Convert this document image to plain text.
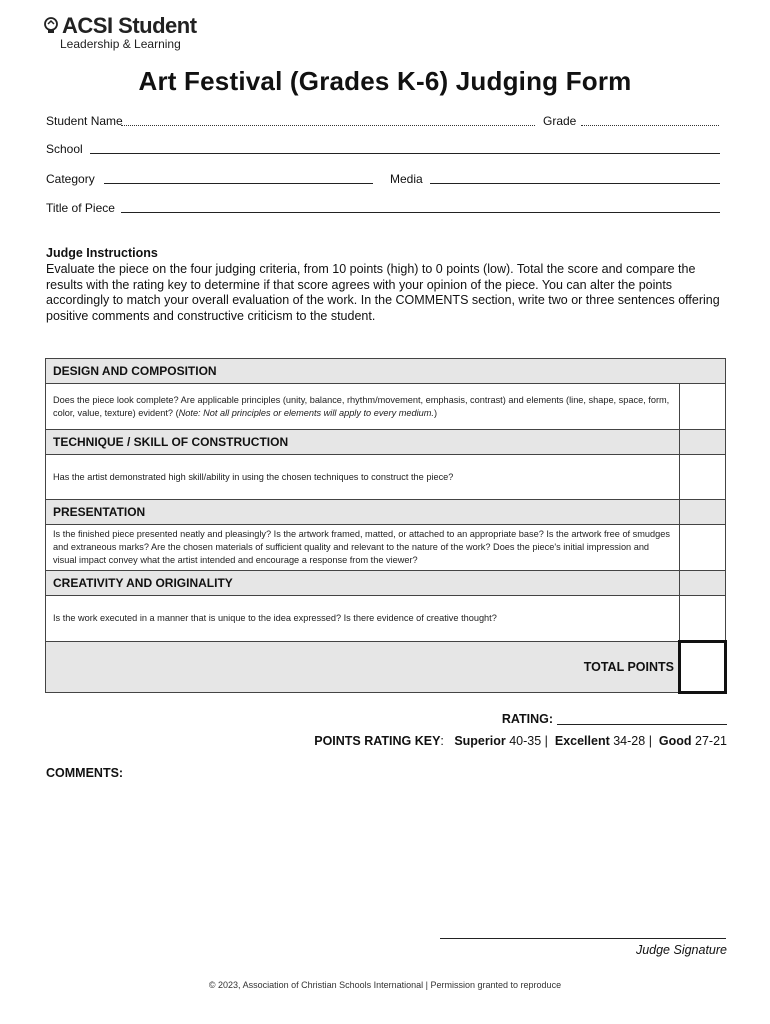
ACSI Student
Leadership & Learning
Art Festival (Grades K-6) Judging Form
Student Name	Grade
School
Category	Media
Title of Piece
Judge Instructions
Evaluate the piece on the four judging criteria, from 10 points (high) to 0 points (low). Total the score and compare the results with the rating key to determine if that score agrees with your opinion of the piece. You can alter the points accordingly to match your overall evaluation of the work. In the COMMENTS section, write two or three sentences offering positive comments and constructive criticism to the student.
DESIGN AND COMPOSITION	
Does the piece look complete? Are applicable principles (unity, balance, rhythm/movement, emphasis, contrast) and elements (line, shape, space, form, color, value, texture) evident? (Note: Not all principles or elements will apply to every medium.)	
TECHNIQUE / SKILL OF CONSTRUCTION	
Has the artist demonstrated high skill/ability in using the chosen techniques to construct the piece?	
PRESENTATION	
Is the finished piece presented neatly and pleasingly? Is the artwork framed, matted, or attached to an appropriate base? Is the artwork free of smudges and extraneous marks? Are the chosen materials of sufficient quality and relevant to the nature of the work? Does the piece's initial impression and visual impact convey what the artist intended and encourage a response from the viewer?	
CREATIVITY AND ORIGINALITY	
Is the work executed in a manner that is unique to the idea expressed? Is there evidence of creative thought?	
TOTAL POINTS	
RATING:
POINTS RATING KEY:   Superior 40-35 |  Excellent 34-28 |  Good 27-21
COMMENTS:
Judge Signature
© 2023, Association of Christian Schools International | Permission granted to reproduce
